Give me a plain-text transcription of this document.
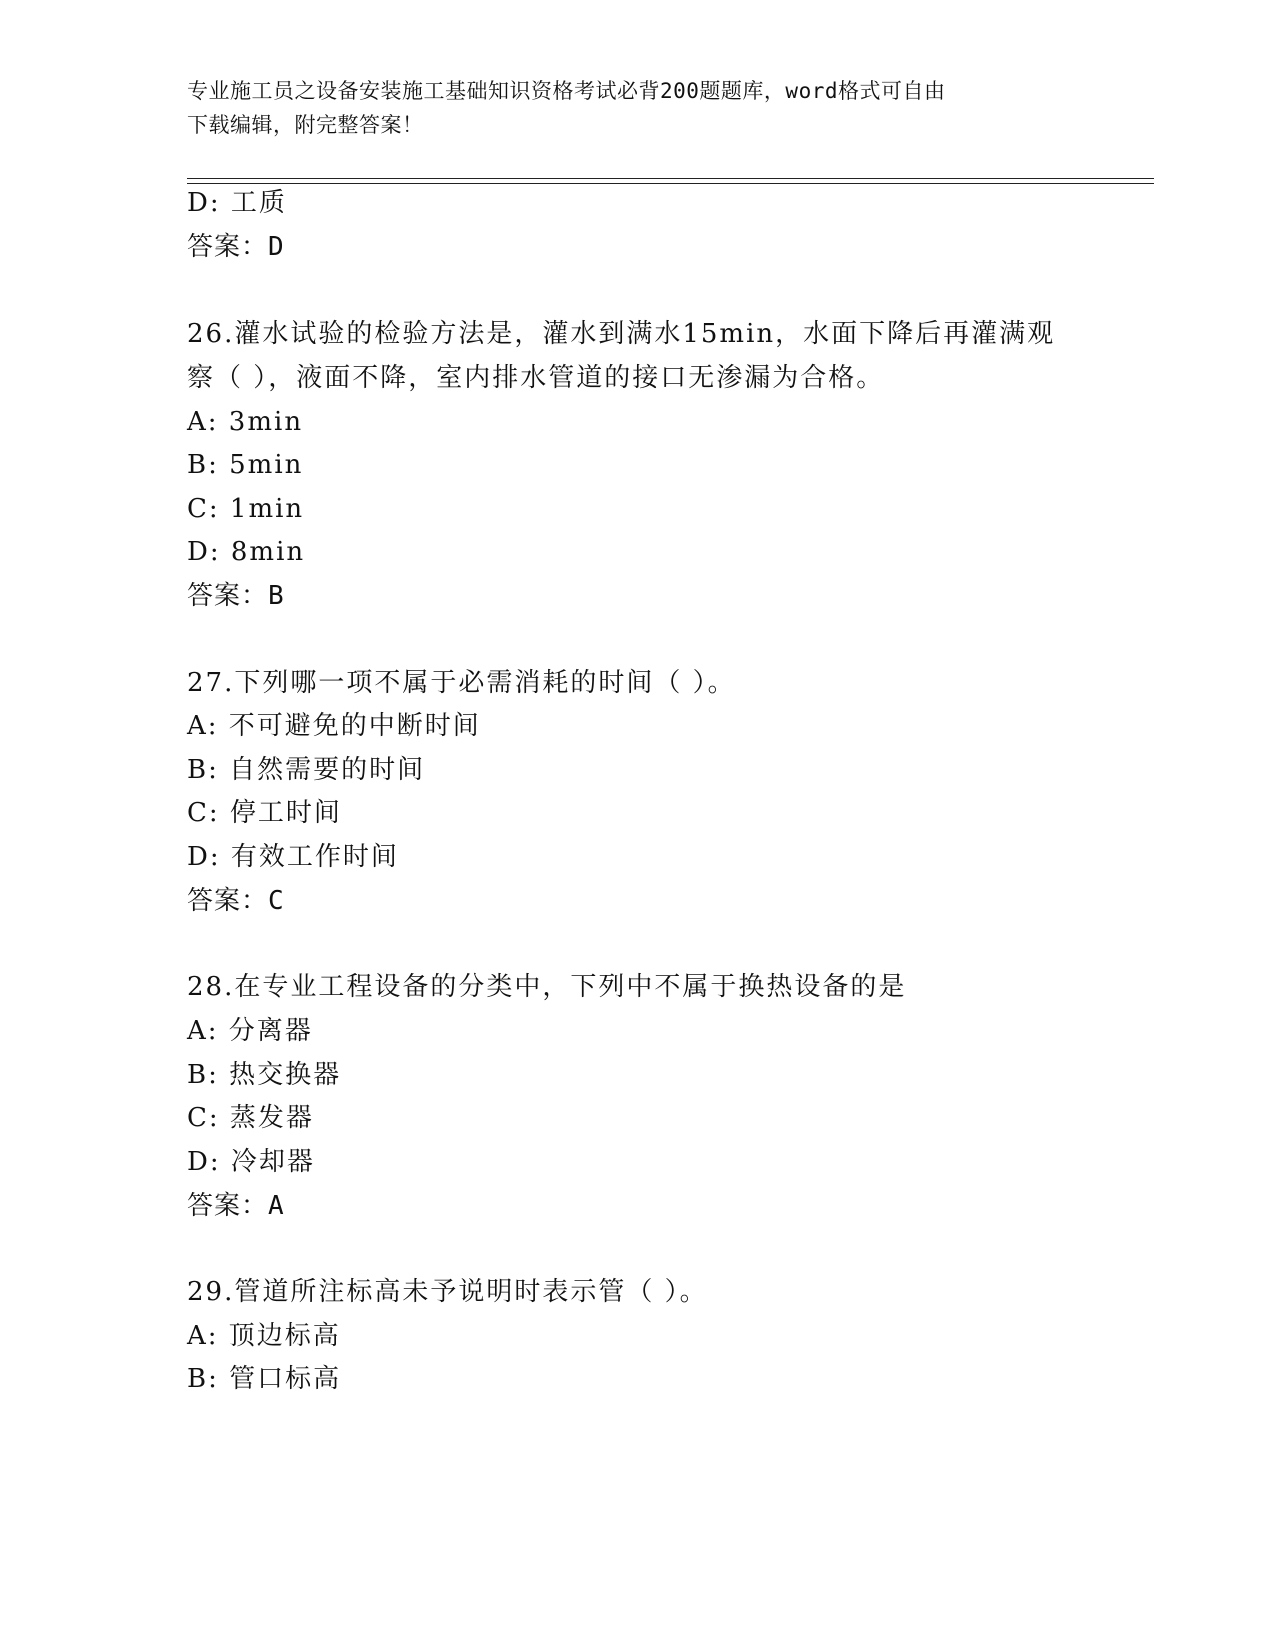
专业施工员之设备安装施工基础知识资格考试必背200题题库，word格式可自由
下载编辑，附完整答案！
D: 工质
答案：D
26.灌水试验的检验方法是，灌水到满水15min，水面下降后再灌满观
察（ ），液面不降，室内排水管道的接口无渗漏为合格。
A: 3min
B: 5min
C: 1min
D: 8min
答案：B
27.下列哪一项不属于必需消耗的时间（ ）。
A: 不可避免的中断时间
B: 自然需要的时间
C: 停工时间
D: 有效工作时间
答案：C
28.在专业工程设备的分类中，下列中不属于换热设备的是
A: 分离器
B: 热交换器
C: 蒸发器
D: 冷却器
答案：A
29.管道所注标高未予说明时表示管（ ）。
A: 顶边标高
B: 管口标高
